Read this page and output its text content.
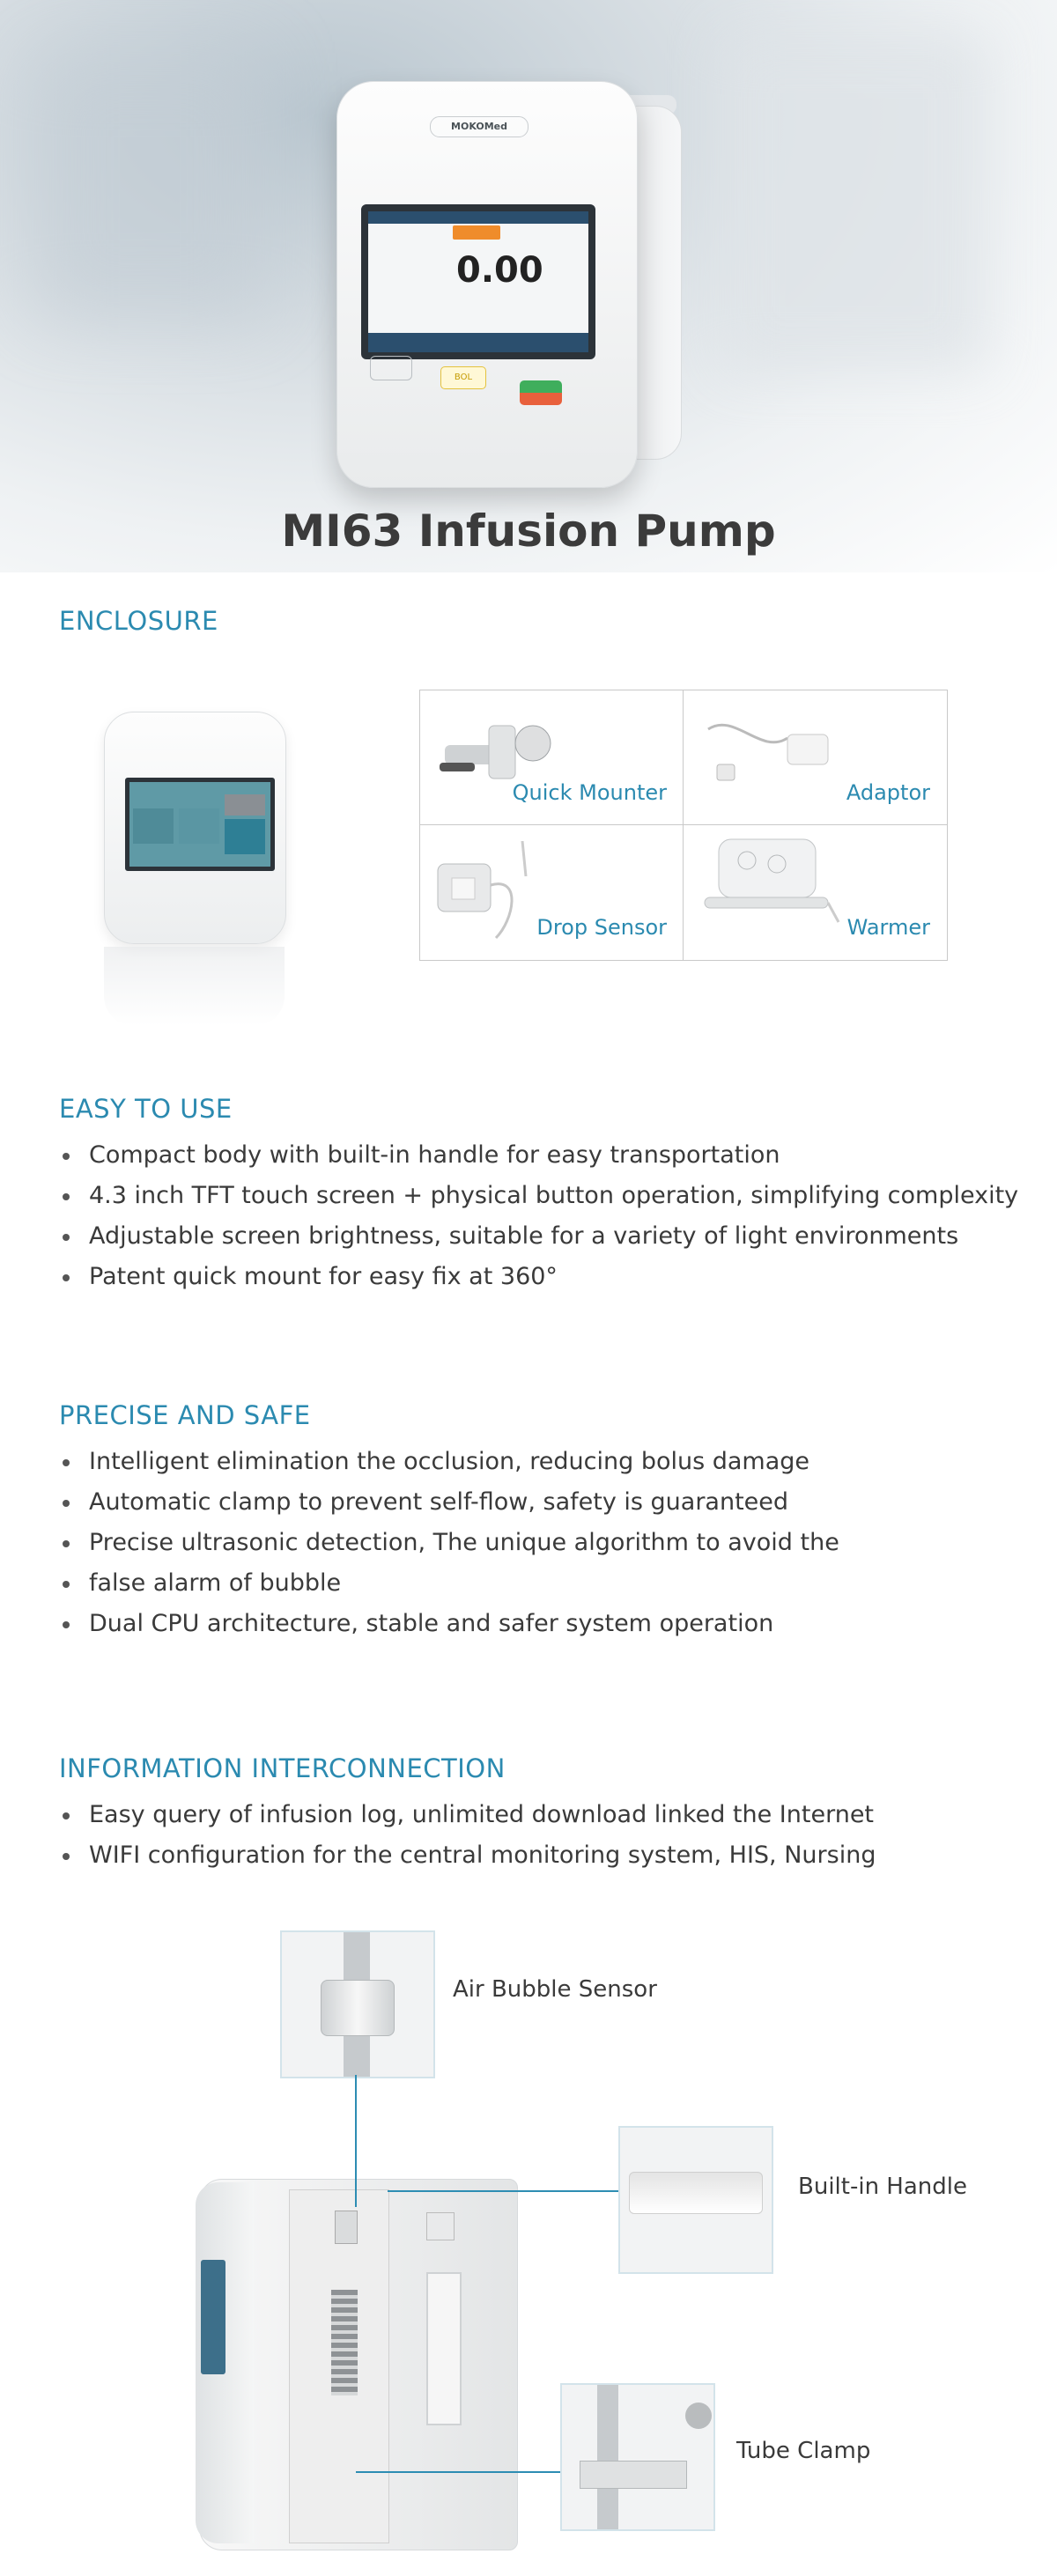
MOKOMed
0.00
BOL
MI63 Infusion Pump
ENCLOSURE
Quick Mounter	Adaptor
Drop Sensor	Warmer
EASY TO USE
Compact body with built-in handle for easy transportation
4.3 inch TFT touch screen + physical button operation, simplifying complexity
Adjustable screen brightness, suitable for a variety of light environments
Patent quick mount for easy fix at 360°
PRECISE AND SAFE
Intelligent elimination the occlusion, reducing bolus damage
Automatic clamp to prevent self-flow, safety is guaranteed
Precise ultrasonic detection, The unique algorithm to avoid the
false alarm of bubble
Dual CPU architecture, stable and safer system operation
INFORMATION INTERCONNECTION
Easy query of infusion log, unlimited download linked the Internet
WIFI configuration for the central monitoring system, HIS, Nursing
Air Bubble Sensor
Built-in Handle
Tube Clamp
